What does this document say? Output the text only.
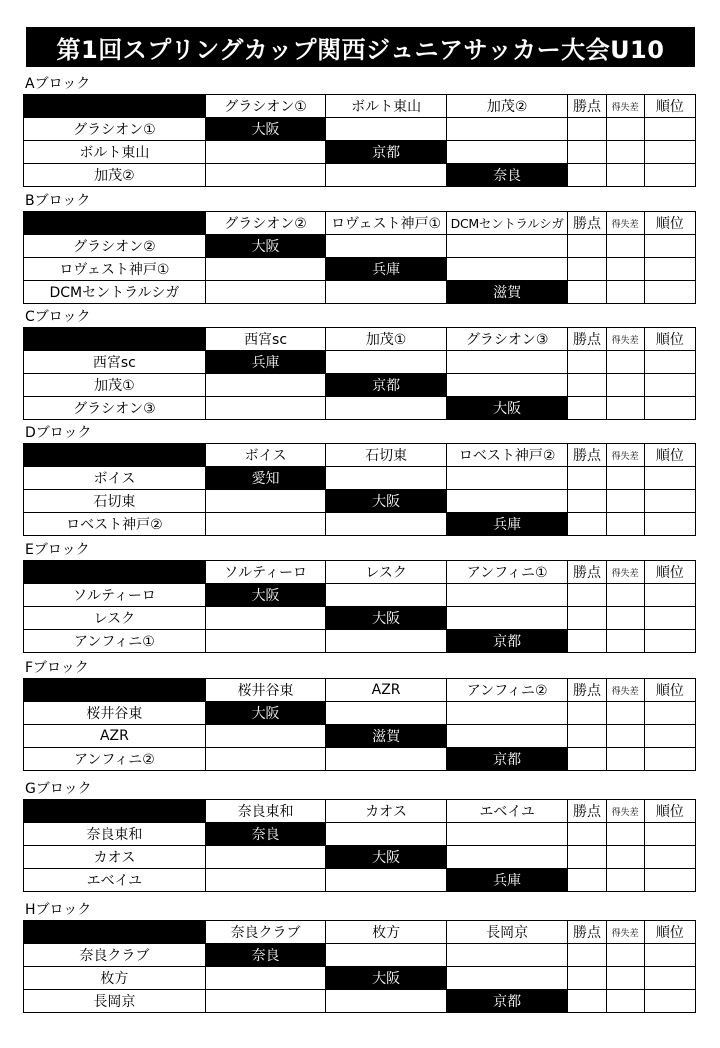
第1回スプリングカップ関西ジュニアサッカー大会U10
Aブロック
	グラシオン①	ボルト東山	加茂②	勝点	得失差	順位
グラシオン①	大阪					
ボルト東山		京都				
加茂②			奈良			
Bブロック
	グラシオン②	ロヴェスト神戸①	DCMセントラルシガ	勝点	得失差	順位
グラシオン②	大阪					
ロヴェスト神戸①		兵庫				
DCMセントラルシガ			滋賀			
Cブロック
	西宮sc	加茂①	グラシオン③	勝点	得失差	順位
西宮sc	兵庫					
加茂①		京都				
グラシオン③			大阪			
Dブロック
	ボイス	石切東	ロベスト神戸②	勝点	得失差	順位
ボイス	愛知					
石切東		大阪				
ロベスト神戸②			兵庫			
Eブロック
	ソルティーロ	レスク	アンフィニ①	勝点	得失差	順位
ソルティーロ	大阪					
レスク		大阪				
アンフィニ①			京都			
Fブロック
	桜井谷東	AZR	アンフィニ②	勝点	得失差	順位
桜井谷東	大阪					
AZR		滋賀				
アンフィニ②			京都			
Gブロック
	奈良東和	カオス	エベイユ	勝点	得失差	順位
奈良東和	奈良					
カオス		大阪				
エベイユ			兵庫			
Hブロック
	奈良クラブ	枚方	長岡京	勝点	得失差	順位
奈良クラブ	奈良					
枚方		大阪				
長岡京			京都			
